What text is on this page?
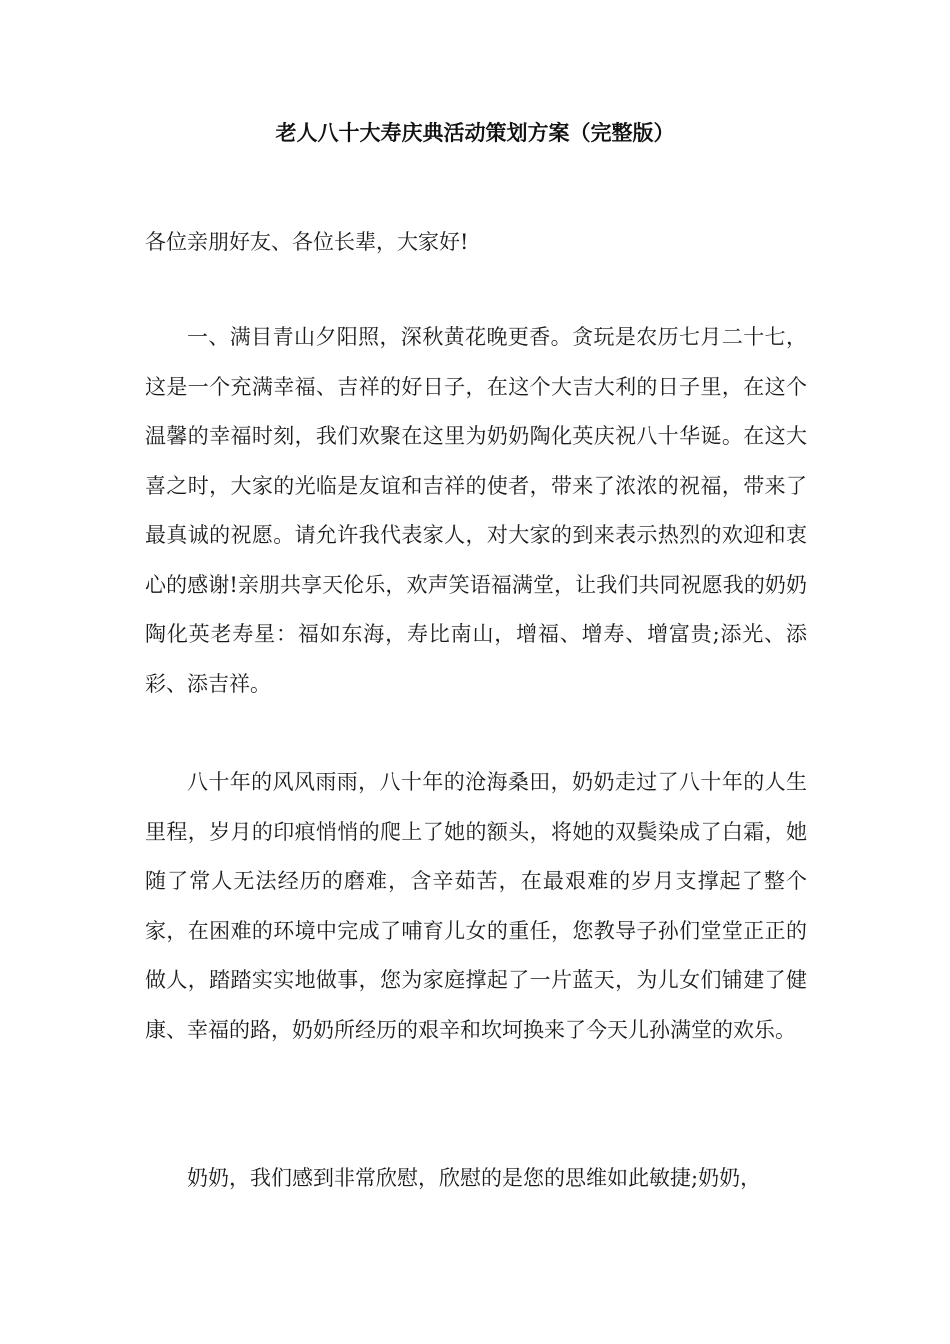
老人八十大寿庆典活动策划方案（完整版）

各位亲朋好友、各位长辈，大家好!

一、满目青山夕阳照，深秋黄花晚更香。贪玩是农历七月二十七，这是一个充满幸福、吉祥的好日子，在这个大吉大利的日子里，在这个温馨的幸福时刻，我们欢聚在这里为奶奶陶化英庆祝八十华诞。在这大喜之时，大家的光临是友谊和吉祥的使者，带来了浓浓的祝福，带来了最真诚的祝愿。请允许我代表家人，对大家的到来表示热烈的欢迎和衷心的感谢!亲朋共享天伦乐，欢声笑语福满堂，让我们共同祝愿我的奶奶陶化英老寿星：福如东海，寿比南山，增福、增寿、增富贵;添光、添彩、添吉祥。

八十年的风风雨雨，八十年的沧海桑田，奶奶走过了八十年的人生里程，岁月的印痕悄悄的爬上了她的额头，将她的双鬓染成了白霜，她随了常人无法经历的磨难，含辛茹苦，在最艰难的岁月支撑起了整个家，在困难的环境中完成了哺育儿女的重任，您教导子孙们堂堂正正的做人，踏踏实实地做事，您为家庭撑起了一片蓝天，为儿女们铺建了健康、幸福的路，奶奶所经历的艰辛和坎坷换来了今天儿孙满堂的欢乐。

奶奶，我们感到非常欣慰，欣慰的是您的思维如此敏捷;奶奶，
